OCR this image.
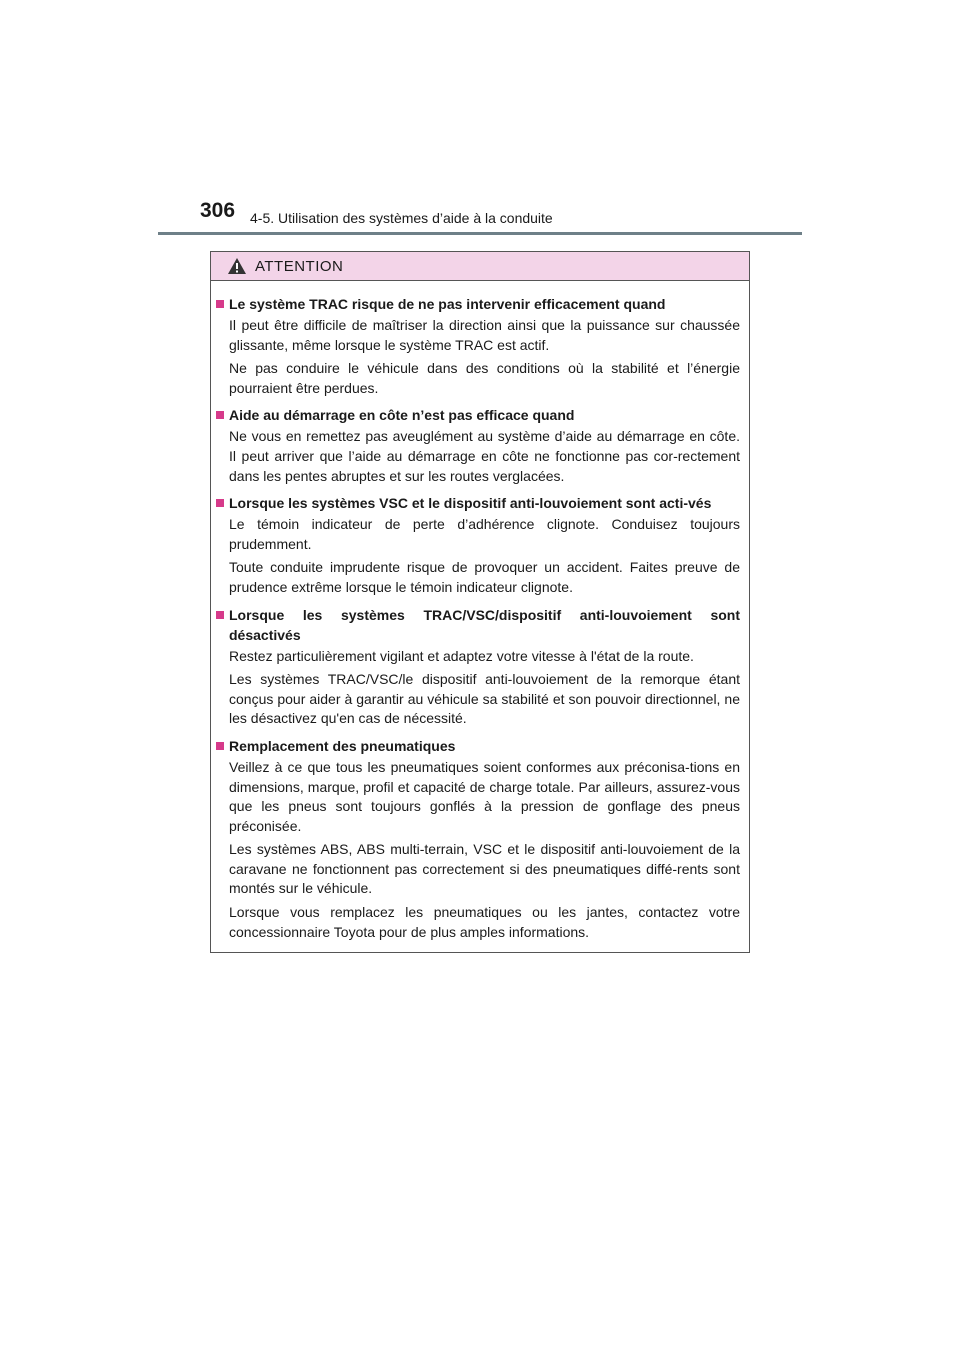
306 4-5. Utilisation des systèmes d’aide à la conduite
ATTENTION
Le système TRAC risque de ne pas intervenir efficacement quand
Il peut être difficile de maîtriser la direction ainsi que la puissance sur chaussée glissante, même lorsque le système TRAC est actif.
Ne pas conduire le véhicule dans des conditions où la stabilité et l’énergie pourraient être perdues.
Aide au démarrage en côte n’est pas efficace quand
Ne vous en remettez pas aveuglément au système d’aide au démarrage en côte. Il peut arriver que l’aide au démarrage en côte ne fonctionne pas cor-rectement dans les pentes abruptes et sur les routes verglacées.
Lorsque les systèmes VSC et le dispositif anti-louvoiement sont acti-vés
Le témoin indicateur de perte d’adhérence clignote. Conduisez toujours prudemment.
Toute conduite imprudente risque de provoquer un accident. Faites preuve de prudence extrême lorsque le témoin indicateur clignote.
Lorsque les systèmes TRAC/VSC/dispositif anti-louvoiement sont désactivés
Restez particulièrement vigilant et adaptez votre vitesse à l'état de la route.
Les systèmes TRAC/VSC/le dispositif anti-louvoiement de la remorque étant conçus pour aider à garantir au véhicule sa stabilité et son pouvoir directionnel, ne les désactivez qu'en cas de nécessité.
Remplacement des pneumatiques
Veillez à ce que tous les pneumatiques soient conformes aux préconisa-tions en dimensions, marque, profil et capacité de charge totale. Par ailleurs, assurez-vous que les pneus sont toujours gonflés à la pression de gonflage des pneus préconisée.
Les systèmes ABS, ABS multi-terrain, VSC et le dispositif anti-louvoiement de la caravane ne fonctionnent pas correctement si des pneumatiques diffé-rents sont montés sur le véhicule.
Lorsque vous remplacez les pneumatiques ou les jantes, contactez votre concessionnaire Toyota pour de plus amples informations.
